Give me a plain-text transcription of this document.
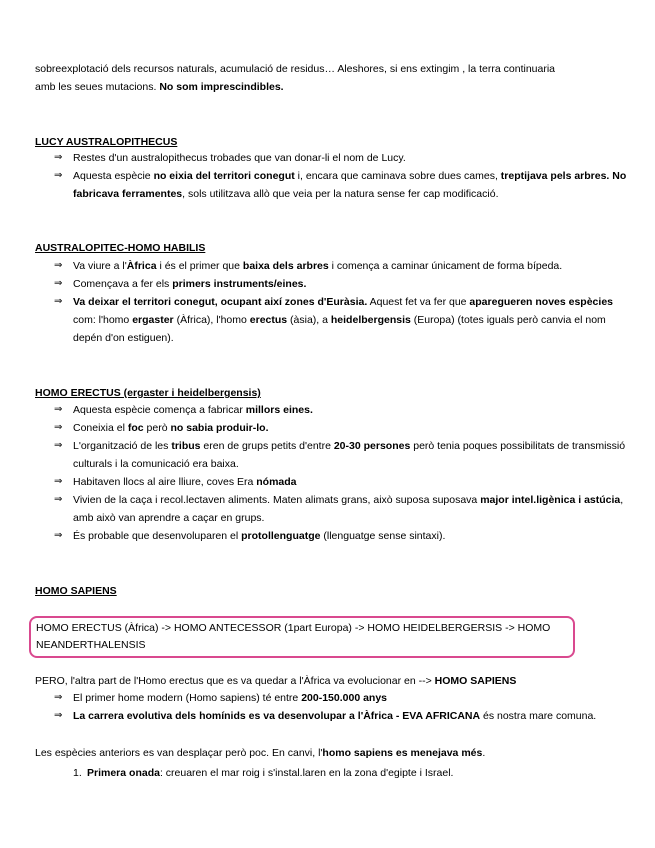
sobreexplotació dels recursos naturals, acumulació de residus… Aleshores, si ens extingim , la terra continuaria
amb les seues mutacions. No som imprescindibles.
LUCY AUSTRALOPITHECUS
⇒ Restes d'un australopithecus trobades que van donar-li el nom de Lucy.
⇒ Aquesta espècie no eixia del territori conegut i, encara que caminava sobre dues cames, treptijava pels arbres. No fabricava ferramentes, sols utilitzava allò que veia per la natura sense fer cap modificació.
AUSTRALOPITEC-HOMO HABILIS
⇒ Va viure a l'Àfrica i és el primer que baixa dels arbres i comença a caminar únicament de forma bípeda.
⇒ Començava a fer els primers instruments/eines.
⇒ Va deixar el territori conegut, ocupant així zones d'Euràsia. Aquest fet va fer que aparegueren noves espècies com: l'homo ergaster (Àfrica), l'homo erectus (àsia), a heidelbergensis (Europa) (totes iguals però canvia el nom depén d'on estiguen).
HOMO ERECTUS (ergaster i heidelbergensis)
⇒ Aquesta espècie comença a fabricar millors eines.
⇒ Coneixia el foc però no sabia produir-lo.
⇒ L'organització de les tribus eren de grups petits d'entre 20-30 persones però tenia poques possibilitats de transmissió culturals i la comunicació era baixa.
⇒ Habitaven llocs al aire lliure, coves Era nómada
⇒ Vivien de la caça i recol.lectaven aliments. Maten alimats grans, això suposa suposava major intel.ligènica i astúcia, amb això van aprendre a caçar en grups.
⇒ És probable que desenvoluparen el protollenguatge (llenguatge sense sintaxi).
HOMO SAPIENS
HOMO ERECTUS (Àfrica) -> HOMO ANTECESSOR (1part Europa) -> HOMO HEIDELBERGERSIS -> HOMO NEANDERTHALENSIS
PERO, l'altra part de l'Homo erectus que es va quedar a l'Àfrica va evolucionar en --> HOMO SAPIENS
⇒ El primer home modern (Homo sapiens) té entre 200-150.000 anys
⇒ La carrera evolutiva dels homínids es va desenvolupar a l'Àfrica - EVA AFRICANA és nostra mare comuna.
Les espècies anteriors es van desplaçar però poc. En canvi, l'homo sapiens es menejava més.
1. Primera onada: creuaren el mar roig i s'instal.laren en la zona d'egipte i Israel.
